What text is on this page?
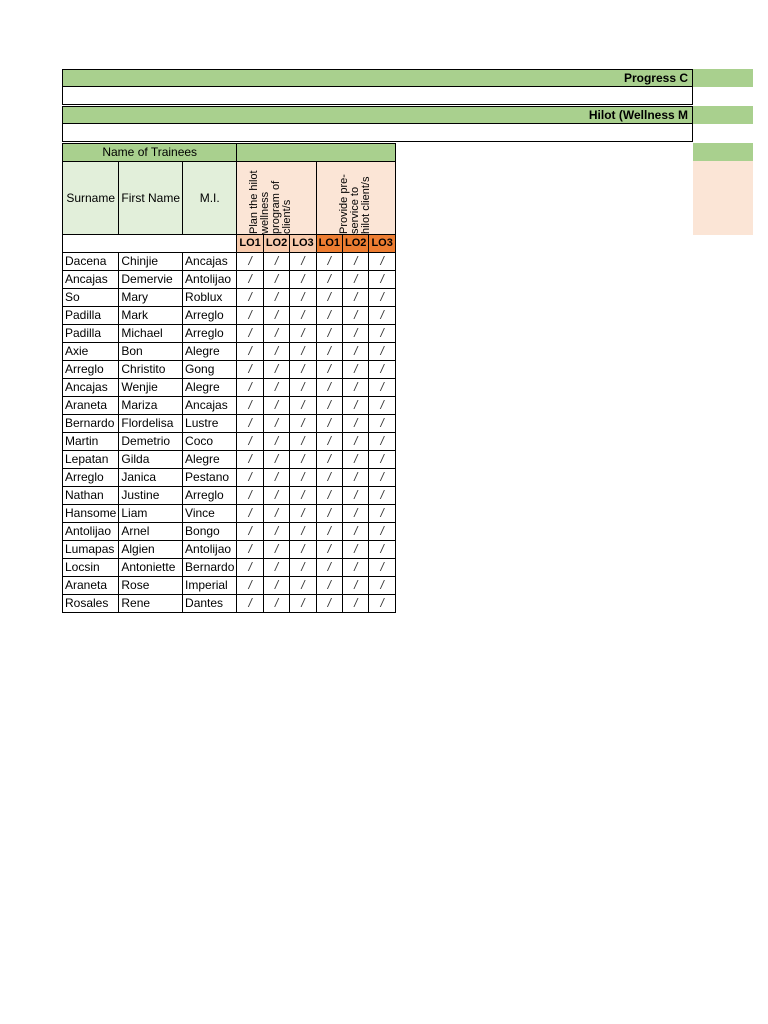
Progress C
Hilot (Wellness M
Name of Trainees								
Surname	First Name	M.I.	Plan the hilot wellness program of client/s			Provide pre-service to hilot client/s		

			LO1	LO2	LO3	LO1	LO2	LO3
Dacena	Chinjie	Ancajas	/	/	/	/	/	/
Ancajas	Demervie	Antolijao	/	/	/	/	/	/
So	Mary	Roblux	/	/	/	/	/	/
Padilla	Mark	Arreglo	/	/	/	/	/	/
Padilla	Michael	Arreglo	/	/	/	/	/	/
Axie	Bon	Alegre	/	/	/	/	/	/
Arreglo	Christito	Gong	/	/	/	/	/	/
Ancajas	Wenjie	Alegre	/	/	/	/	/	/
Araneta	Mariza	Ancajas	/	/	/	/	/	/
Bernardo	Flordelisa	Lustre	/	/	/	/	/	/
Martin	Demetrio	Coco	/	/	/	/	/	/
Lepatan	Gilda	Alegre	/	/	/	/	/	/
Arreglo	Janica	Pestano	/	/	/	/	/	/
Nathan	Justine	Arreglo	/	/	/	/	/	/
Hansome	Liam	Vince	/	/	/	/	/	/
Antolijao	Arnel	Bongo	/	/	/	/	/	/
Lumapas	Algien	Antolijao	/	/	/	/	/	/
Locsin	Antoniette	Bernardo	/	/	/	/	/	/
Araneta	Rose	Imperial	/	/	/	/	/	/
Rosales	Rene	Dantes	/	/	/	/	/	/
